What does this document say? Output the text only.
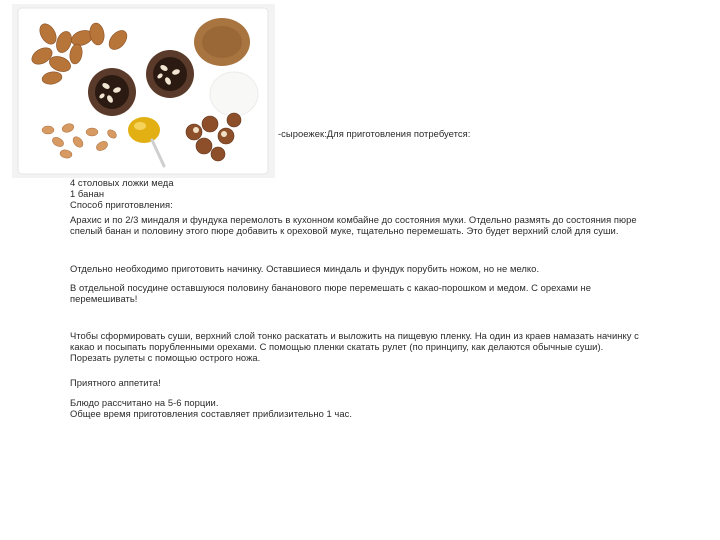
-сыроежек:Для приготовления потребуется:
4 столовых ложки меда
1 банан
Способ приготовления:
Арахис и по 2/3 миндаля и фундука перемолоть в кухонном комбайне до состояния муки. Отдельно размять до состояния пюре
спелый банан и половину этого пюре добавить к ореховой муке, тщательно перемешать. Это будет верхний слой для суши.
Отдельно необходимо приготовить начинку. Оставшиеся миндаль и фундук порубить ножом, но не мелко.
В отдельной посудине оставшуюся половину бананового пюре перемешать с какао-порошком и медом. С орехами не
перемешивать!
Чтобы сформировать суши, верхний слой тонко раскатать и выложить на пищевую пленку. На один из краев намазать начинку с
какао и посыпать порубленными орехами. С помощью пленки скатать рулет (по принципу, как делаются обычные суши).
Порезать рулеты с помощью острого ножа.
Приятного аппетита!
Блюдо рассчитано на 5-6 порции.
Общее время приготовления составляет приблизительно 1 час.
